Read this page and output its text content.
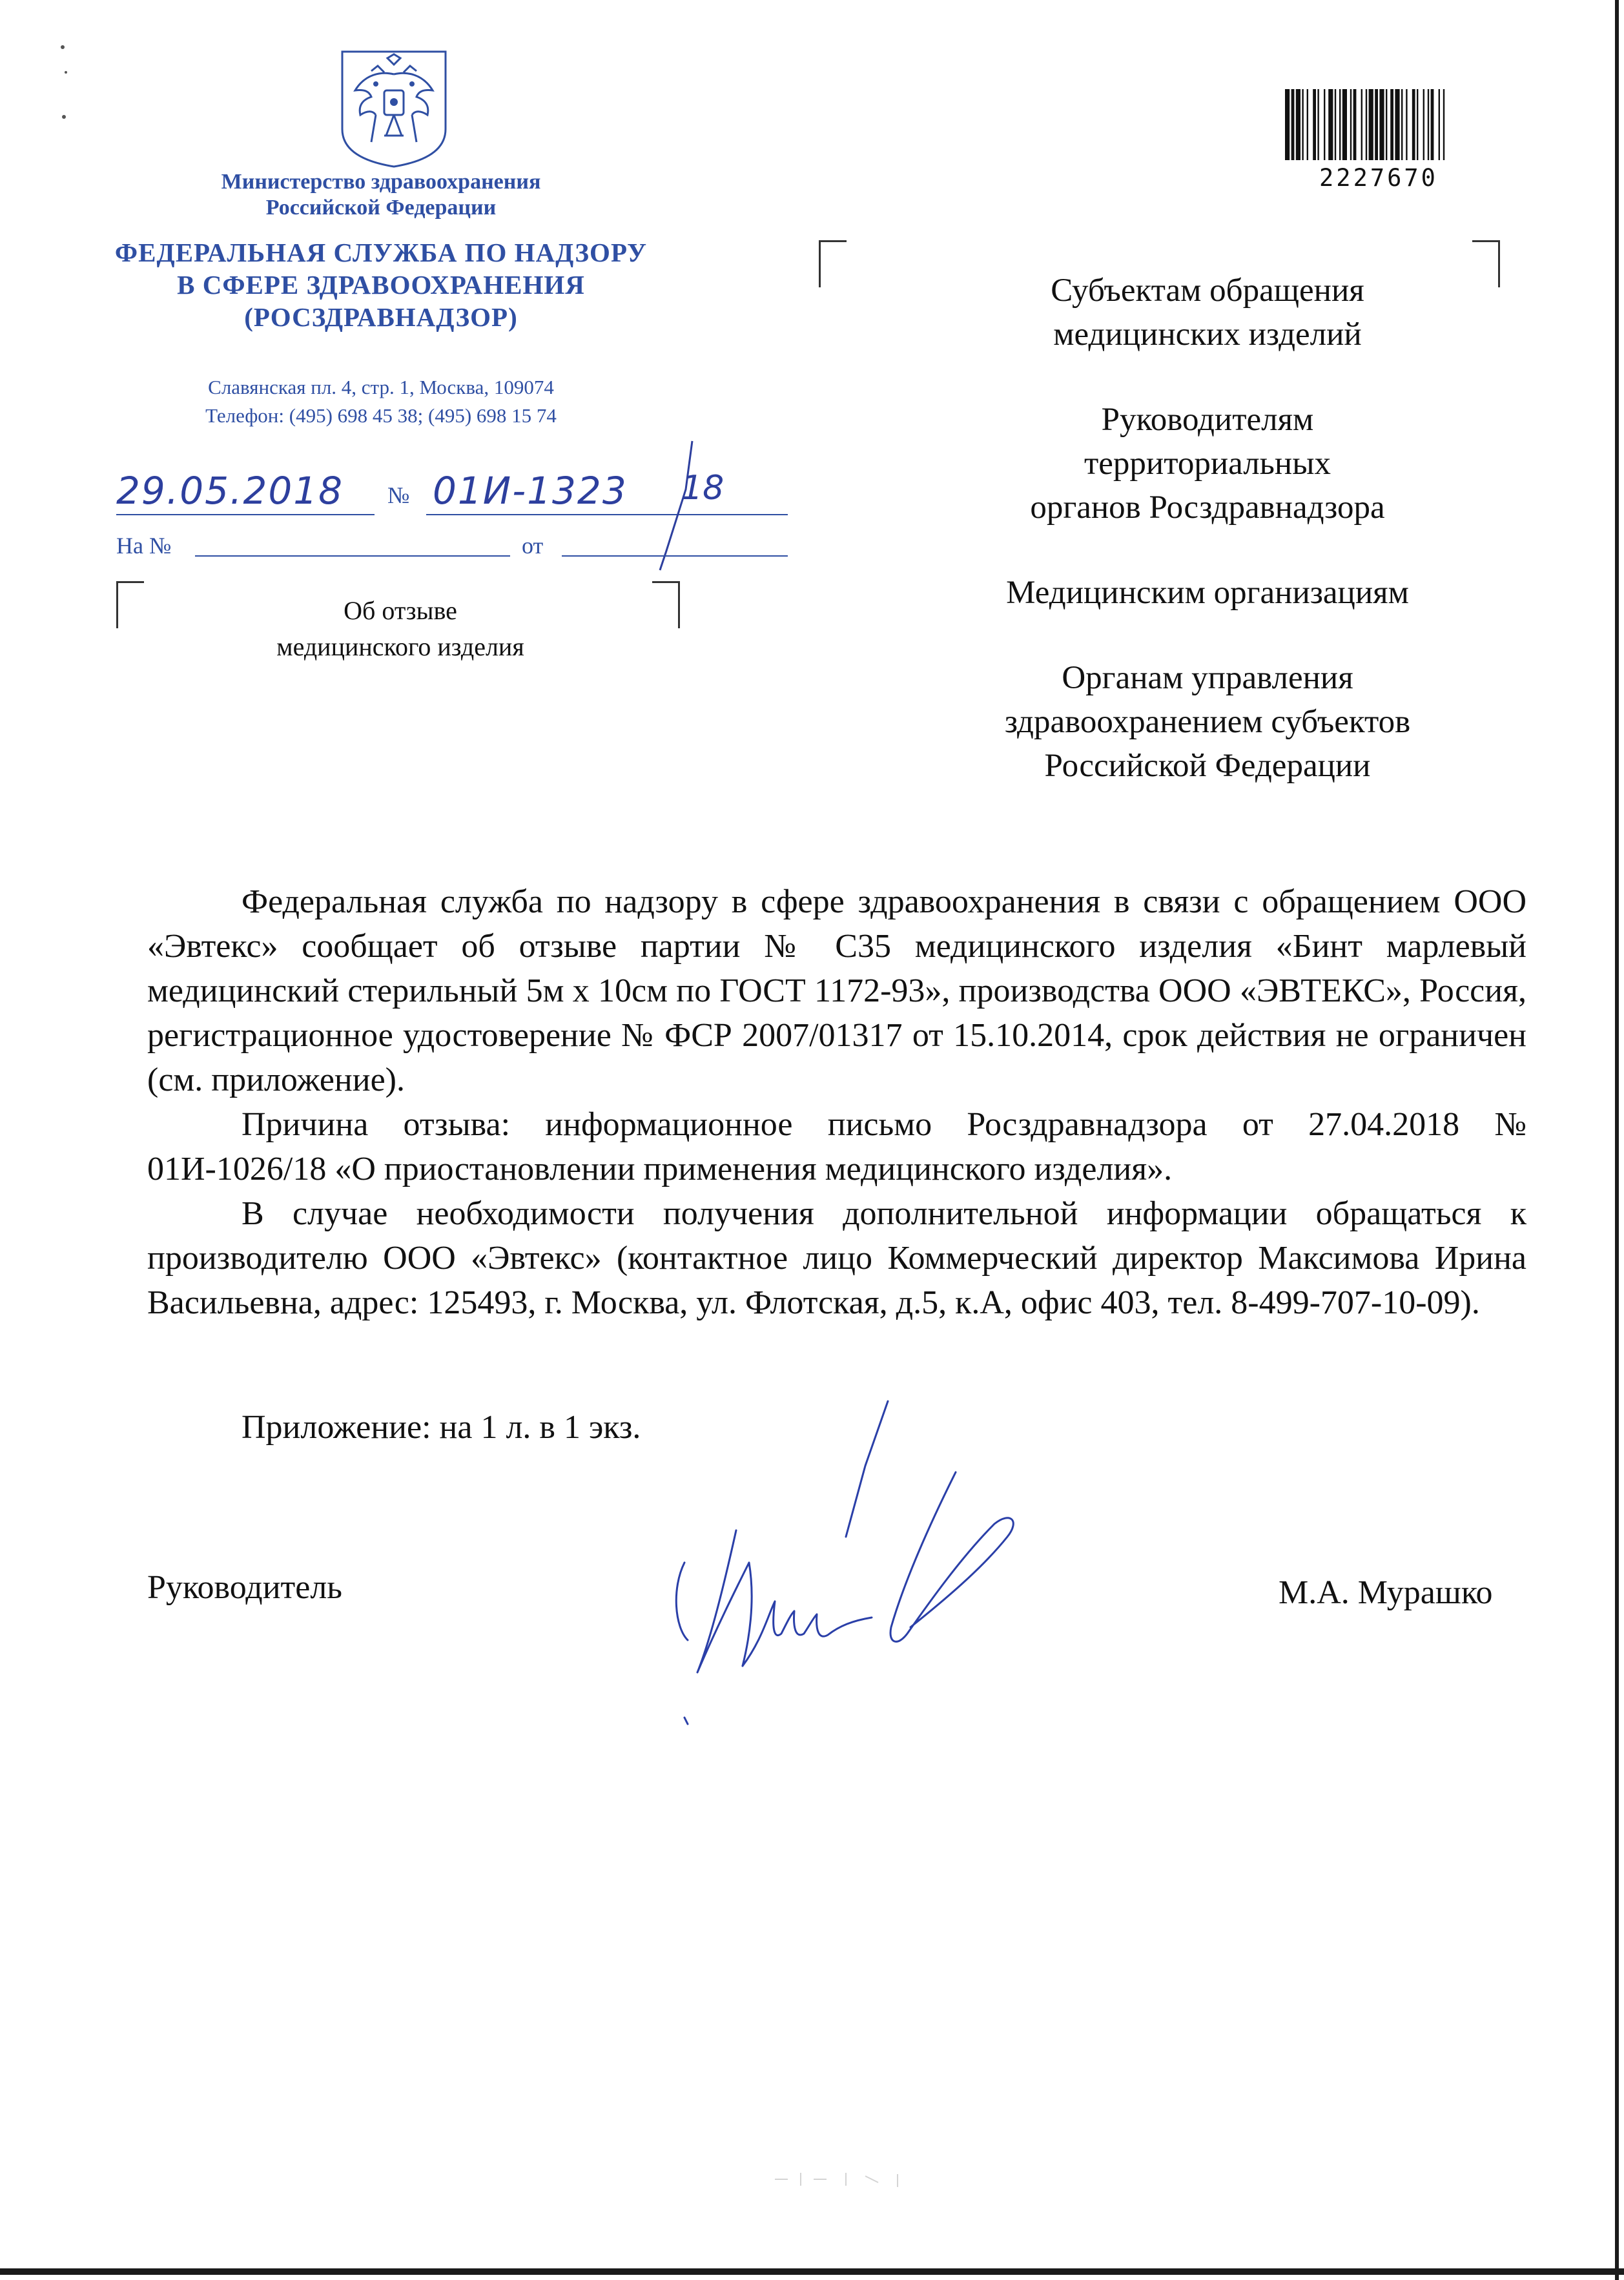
Министерство здравоохранения
Российской Федерации
ФЕДЕРАЛЬНАЯ СЛУЖБА ПО НАДЗОРУ
В СФЕРЕ ЗДРАВООХРАНЕНИЯ
(РОСЗДРАВНАДЗОР)
Славянская пл. 4, стр. 1, Москва, 109074
Телефон: (495) 698 45 38; (495) 698 15 74
29.05.2018 № 01И-1323 18
На №	от
Об отзыве
медицинского изделия
Субъектам обращения
медицинских изделий
Руководителям
территориальных
органов Росздравнадзора
Медицинским организациям
Органам управления
здравоохранением субъектов
Российской Федерации
2227670

Федеральная служба по надзору в сфере здравоохранения в связи с обращением ООО «Эвтекс» сообщает об отзыве партии № С35 медицинского изделия «Бинт марлевый медицинский стерильный 5м х 10см по ГОСТ 1172-93», производства ООО «ЭВТЕКС», Россия, регистрационное удостоверение № ФСР 2007/01317 от 15.10.2014, срок действия не ограничен (см. приложение).

Причина отзыва: информационное письмо Росздравнадзора от 27.04.2018 № 01И-1026/18 «О приостановлении применения медицинского изделия».

В случае необходимости получения дополнительной информации обращаться к производителю ООО «Эвтекс» (контактное лицо Коммерческий директор Максимова Ирина Васильевна, адрес: 125493, г. Москва, ул. Флотская, д.5, к.А, офис 403, тел. 8-499-707-10-09).

Приложение: на 1 л. в 1 экз.
Руководитель	М.А. Мурашко
